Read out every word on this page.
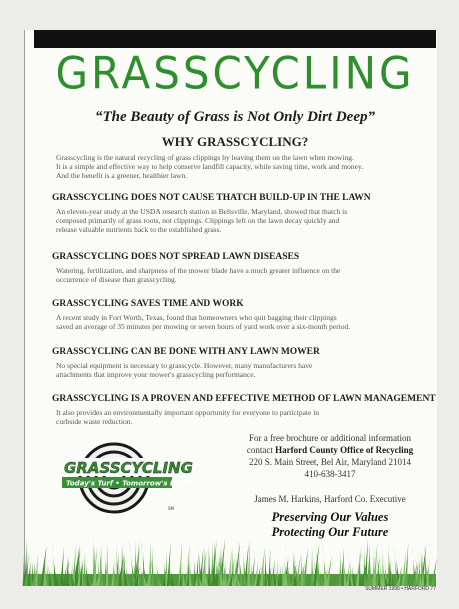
GRASSCYCLING
“The Beauty of Grass is Not Only Dirt Deep”
WHY GRASSCYCLING?
Grasscycling is the natural recycling of grass clippings by leaving them on the lawn when mowing.
It is a simple and effective way to help conserve landfill capacity, while saving time, work and money.
And the benefit is a greener, healthier lawn.
GRASSCYCLING DOES NOT CAUSE THATCH BUILD-UP IN THE LAWN
An eleven-year study at the USDA research station in Beltsville, Maryland, showed that thatch is
composed primarily of grass roots, not clippings. Clippings left on the lawn decay quickly and
release valuable nutrients back to the established grass.
GRASSCYCLING DOES NOT SPREAD LAWN DISEASES
Watering, fertilization, and sharpness of the mower blade have a much greater influence on the
occurrence of disease than grasscycling.
GRASSCYCLING SAVES TIME AND WORK
A recent study in Fort Worth, Texas, found that homeowners who quit bagging their clippings
saved an average of 35 minutes per mowing or seven hours of yard work over a six-month period.
GRASSCYCLING CAN BE DONE WITH ANY LAWN MOWER
No special equipment is necessary to grasscycle. However, many manufacturers have
attachments that improve your mower's grasscycling performance.
GRASSCYCLING IS A PROVEN AND EFFECTIVE METHOD OF LAWN MANAGEMENT
It also provides an environmentally important opportunity for everyone to participate in
curbside waste reduction.
GRASSCYCLING
Today's Turf • Tomorrow's Earth
SM
For a free brochure or additional information
contact Harford County Office of Recycling
220 S. Main Street, Bel Air, Maryland 21014
410-638-3417
James M. Harkins, Harford Co. Executive
Preserving Our Values
Protecting Our Future
SUMMER 1996 • HARFORD 77
